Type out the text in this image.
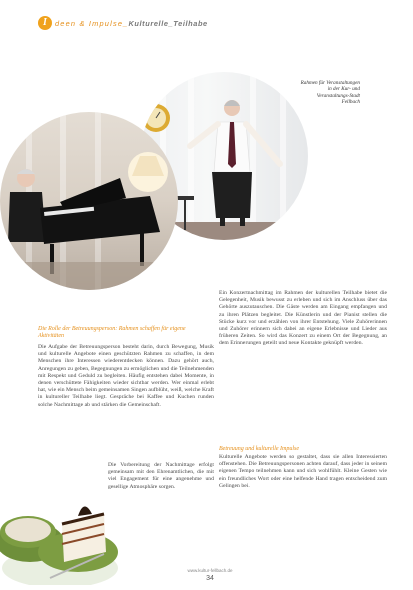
I	deen & Impulse_Kulturelle_Teilhabe
Rahmen für Veranstaltungen in der Kur- und Veranstaltungs-Stadt Fellbach
Die Rolle der Betreuungsperson: Rahmen schaffen für eigene Aktivitäten
Die Aufgabe der Betreuungsperson besteht darin, durch Bewegung, Musik und kulturelle Angebote einen geschützten Rahmen zu schaffen, in dem Menschen ihre Interessen wiederentdecken können. Dazu gehört auch, Anregungen zu geben, Begegnungen zu ermöglichen und die Teilnehmenden mit Respekt und Geduld zu begleiten. Häufig entstehen dabei Momente, in denen verschüttete Fähigkeiten wieder sichtbar werden. Wer einmal erlebt hat, wie ein Mensch beim gemeinsamen Singen aufblüht, weiß, welche Kraft in kultureller Teilhabe liegt. Gespräche bei Kaffee und Kuchen runden solche Nachmittage ab und stärken die Gemeinschaft.
Die Vorbereitung der Nachmittage erfolgt gemeinsam mit den Ehrenamtlichen, die mit viel Engagement für eine angenehme und gesellige Atmosphäre sorgen.
Ein Konzertnachmittag im Rahmen der kulturellen Teilhabe bietet die Gelegenheit, Musik bewusst zu erleben und sich im Anschluss über das Gehörte auszutauschen. Die Gäste werden am Eingang empfangen und zu ihren Plätzen begleitet. Die Künstlerin und der Pianist stellen die Stücke kurz vor und erzählen von ihrer Entstehung. Viele Zuhörerinnen und Zuhörer erinnern sich dabei an eigene Erlebnisse und Lieder aus früheren Zeiten. So wird das Konzert zu einem Ort der Begegnung, an dem Erinnerungen geteilt und neue Kontakte geknüpft werden.
Betreuung und kulturelle Impulse
Kulturelle Angebote werden so gestaltet, dass sie allen Interessierten offenstehen. Die Betreuungspersonen achten darauf, dass jeder in seinem eigenen Tempo teilnehmen kann und sich wohlfühlt. Kleine Gesten wie ein freundliches Wort oder eine helfende Hand tragen entscheidend zum Gelingen bei.
www.kultur-fellbach.de
34
